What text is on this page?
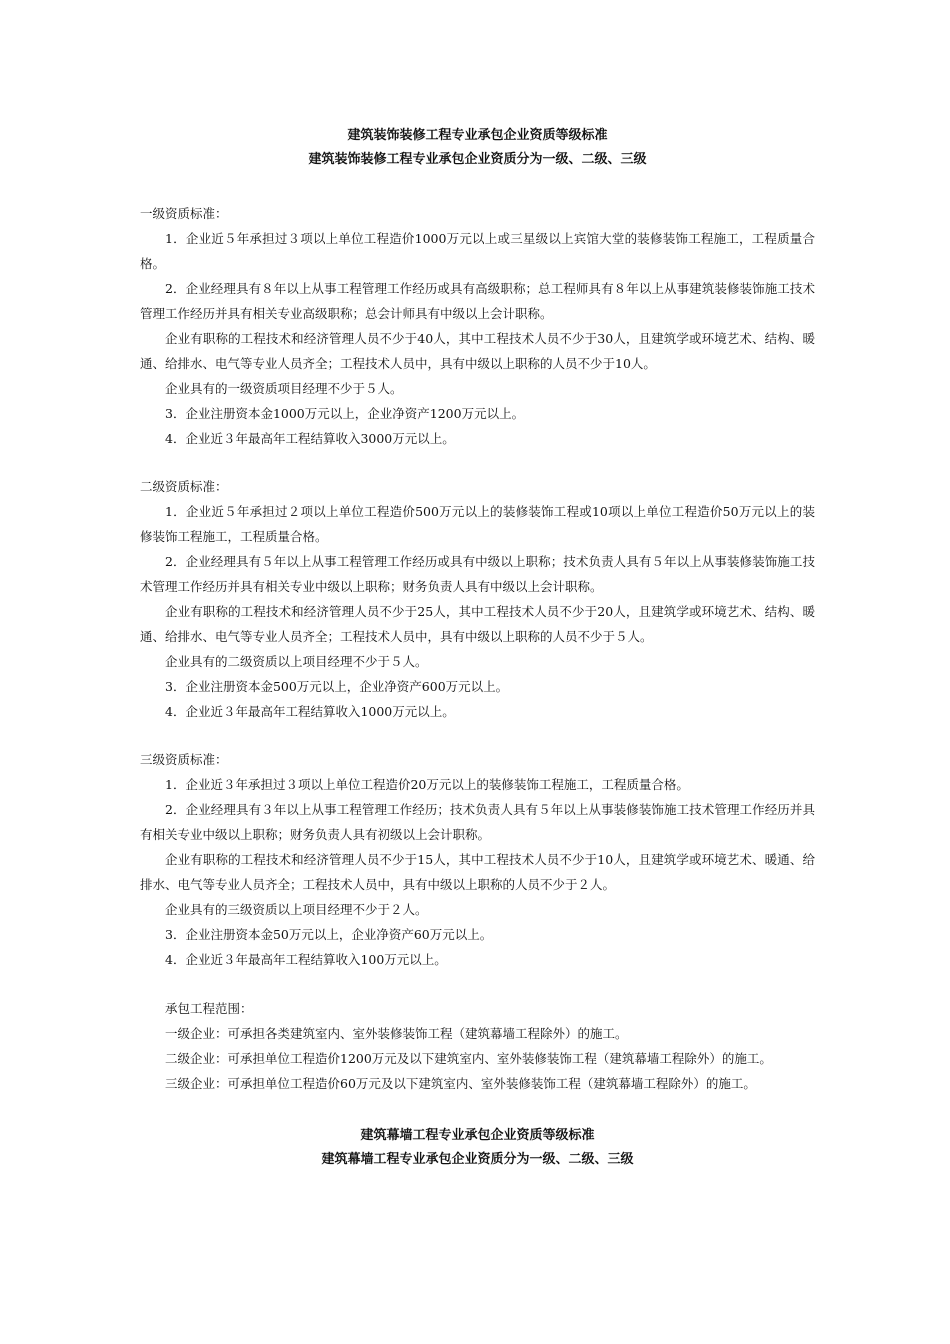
建筑装饰装修工程专业承包企业资质等级标准
建筑装饰装修工程专业承包企业资质分为一级、二级、三级

一级资质标准：

1．企业近５年承担过３项以上单位工程造价1000万元以上或三星级以上宾馆大堂的装修装饰工程施工，工程质量合格。

2．企业经理具有８年以上从事工程管理工作经历或具有高级职称；总工程师具有８年以上从事建筑装修装饰施工技术管理工作经历并具有相关专业高级职称；总会计师具有中级以上会计职称。

企业有职称的工程技术和经济管理人员不少于40人，其中工程技术人员不少于30人，且建筑学或环境艺术、结构、暖通、给排水、电气等专业人员齐全；工程技术人员中，具有中级以上职称的人员不少于10人。

企业具有的一级资质项目经理不少于５人。

3．企业注册资本金1000万元以上，企业净资产1200万元以上。

4．企业近３年最高年工程结算收入3000万元以上。

二级资质标准：

1．企业近５年承担过２项以上单位工程造价500万元以上的装修装饰工程或10项以上单位工程造价50万元以上的装修装饰工程施工，工程质量合格。

2．企业经理具有５年以上从事工程管理工作经历或具有中级以上职称；技术负责人具有５年以上从事装修装饰施工技术管理工作经历并具有相关专业中级以上职称；财务负责人具有中级以上会计职称。

企业有职称的工程技术和经济管理人员不少于25人，其中工程技术人员不少于20人，且建筑学或环境艺术、结构、暖通、给排水、电气等专业人员齐全；工程技术人员中，具有中级以上职称的人员不少于５人。

企业具有的二级资质以上项目经理不少于５人。

3．企业注册资本金500万元以上，企业净资产600万元以上。

4．企业近３年最高年工程结算收入1000万元以上。

三级资质标准：

1．企业近３年承担过３项以上单位工程造价20万元以上的装修装饰工程施工，工程质量合格。

2．企业经理具有３年以上从事工程管理工作经历；技术负责人具有５年以上从事装修装饰施工技术管理工作经历并具有相关专业中级以上职称；财务负责人具有初级以上会计职称。

企业有职称的工程技术和经济管理人员不少于15人，其中工程技术人员不少于10人，且建筑学或环境艺术、暖通、给排水、电气等专业人员齐全；工程技术人员中，具有中级以上职称的人员不少于２人。

企业具有的三级资质以上项目经理不少于２人。

3．企业注册资本金50万元以上，企业净资产60万元以上。

4．企业近３年最高年工程结算收入100万元以上。

承包工程范围：

一级企业：可承担各类建筑室内、室外装修装饰工程（建筑幕墙工程除外）的施工。

二级企业：可承担单位工程造价1200万元及以下建筑室内、室外装修装饰工程（建筑幕墙工程除外）的施工。

三级企业：可承担单位工程造价60万元及以下建筑室内、室外装修装饰工程（建筑幕墙工程除外）的施工。

建筑幕墙工程专业承包企业资质等级标准
建筑幕墙工程专业承包企业资质分为一级、二级、三级
